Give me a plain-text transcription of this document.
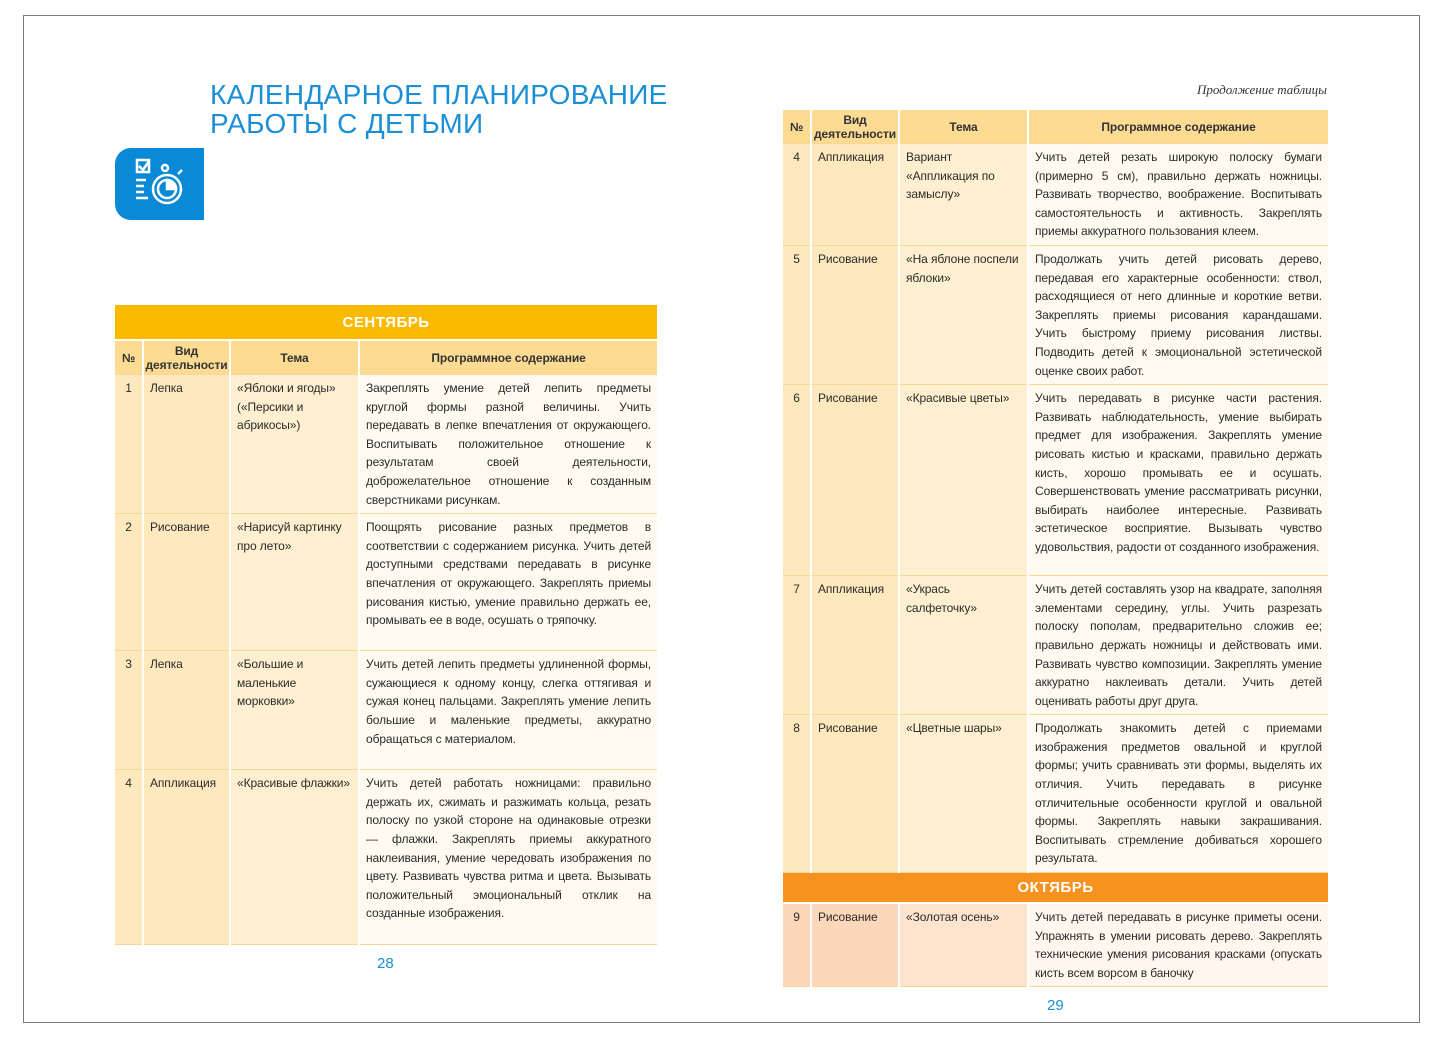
КАЛЕНДАРНОЕ ПЛАНИРОВАНИЕ
РАБОТЫ С ДЕТЬМИ
Продолжение таблицы
СЕНТЯБРЬ			
№	Вид деятельности	Тема	Программное содержание
1	Лепка	«Яблоки и ягоды» («Персики и абрикосы»)	Закреплять умение детей лепить предметы круглой формы разной величины. Учить передавать в лепке впечатления от окружающего. Воспитывать положительное отношение к результатам своей деятельности, доброжелательное отношение к созданным сверстниками рисункам.
2	Рисование	«Нарисуй картинку про лето»	Поощрять рисование разных предметов в соответствии с содержанием рисунка. Учить детей доступными средствами передавать в рисунке впечатления от окружающего. Закреплять приемы рисования кистью, умение правильно держать ее, промывать ее в воде, осушать о тряпочку.
3	Лепка	«Большие и маленькие морковки»	Учить детей лепить предметы удлиненной формы, сужающиеся к одному концу, слегка оттягивая и сужая конец пальцами. Закреплять умение лепить большие и маленькие предметы, аккуратно обращаться с материалом.
4	Аппликация	«Красивые флажки»	Учить детей работать ножницами: правильно держать их, сжимать и разжимать кольца, резать полоску по узкой стороне на одинаковые отрезки — флажки. Закреплять приемы аккуратного наклеивания, умение чередовать изображения по цвету. Развивать чувства ритма и цвета. Вызывать положительный эмоциональный отклик на созданные изображения.
№	Вид деятельности	Тема	Программное содержание
4	Аппликация	Вариант «Аппликация по замыслу»	Учить детей резать широкую полоску бумаги (примерно 5 см), правильно держать ножницы. Развивать творчество, воображение. Воспитывать самостоятельность и активность. Закреплять приемы аккуратного пользования клеем.
5	Рисование	«На яблоне поспели яблоки»	Продолжать учить детей рисовать дерево, передавая его характерные особенности: ствол, расходящиеся от него длинные и короткие ветви. Закреплять приемы рисования карандашами. Учить быстрому приему рисования листвы. Подводить детей к эмоциональной эстетической оценке своих работ.
6	Рисование	«Красивые цветы»	Учить передавать в рисунке части растения. Развивать наблюдательность, умение выбирать предмет для изображения. Закреплять умение рисовать кистью и красками, правильно держать кисть, хорошо промывать ее и осушать. Совершенствовать умение рассматривать рисунки, выбирать наиболее интересные. Развивать эстетическое восприятие. Вызывать чувство удовольствия, радости от созданного изображения.
7	Аппликация	«Укрась салфеточку»	Учить детей составлять узор на квадрате, заполняя элементами середину, углы. Учить разрезать полоску пополам, предварительно сложив ее; правильно держать ножницы и действовать ими. Развивать чувство композиции. Закреплять умение аккуратно наклеивать детали. Учить детей оценивать работы друг друга.
8	Рисование	«Цветные шары»	Продолжать знакомить детей с приемами изображения предметов овальной и круглой формы; учить сравнивать эти формы, выделять их отличия. Учить передавать в рисунке отличительные особенности круглой и овальной формы. Закреплять навыки закрашивания. Воспитывать стремление добиваться хорошего результата.
ОКТЯБРЬ			
9	Рисование	«Золотая осень»	Учить детей передавать в рисунке приметы осени. Упражнять в умении рисовать дерево. Закреплять технические умения рисования красками (опускать кисть всем ворсом в баночку
28
29
